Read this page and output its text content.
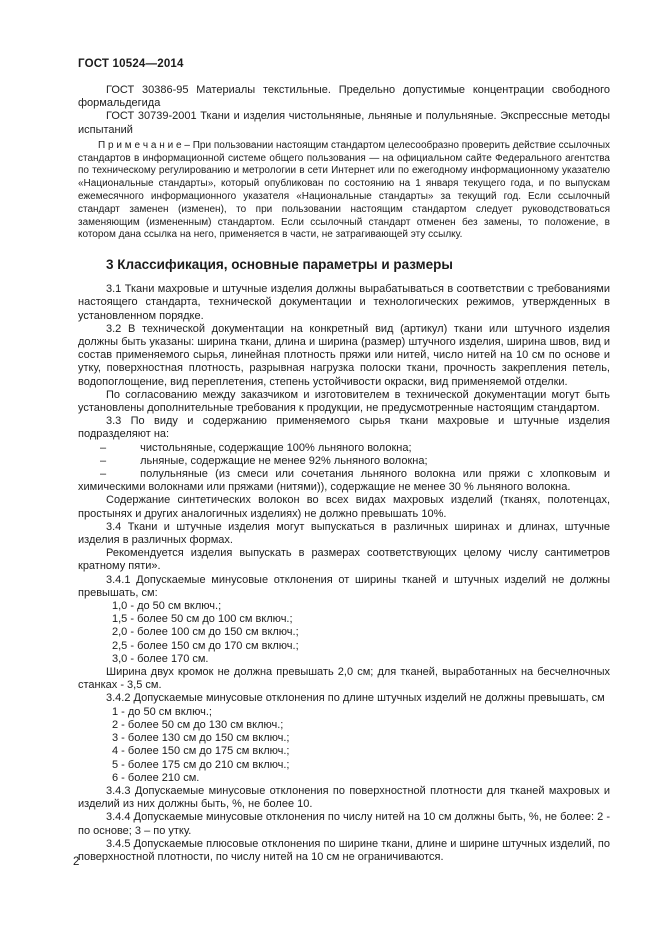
ГОСТ 10524—2014

ГОСТ 30386-95 Материалы текстильные. Предельно допустимые концентрации свободного формальдегида

ГОСТ 30739-2001 Ткани и изделия чистольняные, льняные и полульняные. Экспрессные методы испытаний

П р и м е ч а н и е – При пользовании настоящим стандартом целесообразно проверить действие ссылочных стандартов в информационной системе общего пользования — на официальном сайте Федерального агентства по техническому регулированию и метрологии в сети Интернет или по ежегодному информационному указателю «Национальные стандарты», который опубликован по состоянию на 1 января текущего года, и по выпускам ежемесячного информационного указателя «Национальные стандарты» за текущий год. Если ссылочный стандарт заменен (изменен), то при пользовании настоящим стандартом следует руководствоваться заменяющим (измененным) стандартом. Если ссылочный стандарт отменен без замены, то положение, в котором дана ссылка на него, применяется в части, не затрагивающей эту ссылку.

3 Классификация, основные параметры и размеры

3.1 Ткани махровые и штучные изделия должны вырабатываться в соответствии с требованиями настоящего стандарта, технической документации и технологических режимов, утвержденных в установленном порядке.

3.2 В технической документации на конкретный вид (артикул) ткани или штучного изделия должны быть указаны: ширина ткани, длина и ширина (размер) штучного изделия, ширина швов, вид и состав применяемого сырья, линейная плотность пряжи или нитей, число нитей на 10 см по основе и утку, поверхностная плотность, разрывная нагрузка полоски ткани, прочность закрепления петель, водопоглощение, вид переплетения, степень устойчивости окраски, вид применяемой отделки.

По согласованию между заказчиком и изготовителем в технической документации могут быть установлены дополнительные требования к продукции, не предусмотренные настоящим стандартом.

3.3 По виду и содержанию применяемого сырья ткани махровые и штучные изделия подразделяют на:

–	чистольняные, содержащие 100% льняного волокна;

–	льняные, содержащие не менее 92% льняного волокна;

–	полульняные (из смеси или сочетания льняного волокна или пряжи с хлопковым и химическими волокнами или пряжами (нитями)), содержащие не менее 30 % льняного волокна.

Содержание синтетических волокон во всех видах махровых изделий (тканях, полотенцах, простынях и других аналогичных изделиях) не должно превышать 10%.

3.4 Ткани и штучные изделия могут выпускаться в различных ширинах и длинах, штучные изделия в различных формах.

Рекомендуется изделия выпускать в размерах соответствующих целому числу сантиметров кратному пяти».

3.4.1 Допускаемые минусовые отклонения от ширины тканей и штучных изделий не должны превышать, см:

1,0 - до 50 см включ.;
1,5 - более 50 см до 100 см включ.;
2,0 - более 100 см до 150 см включ.;
2,5 - более 150 см до 170 см включ.;
3,0 - более 170 см.

Ширина двух кромок не должна превышать 2,0 см; для тканей, выработанных на бесчелночных станках - 3,5 см.

3.4.2 Допускаемые минусовые отклонения по длине штучных изделий не должны превышать, см

1 - до 50 см включ.;
2 - более 50 см до 130 см включ.;
3 - более 130 см до 150 см включ.;
4 - более 150 см до 175 см включ.;
5 - более 175 см до 210 см включ.;
6 - более 210 см.

3.4.3 Допускаемые минусовые отклонения по поверхностной плотности для тканей махровых и изделий из них должны быть, %, не более 10.

3.4.4 Допускаемые минусовые отклонения по числу нитей на 10 см должны быть, %, не более: 2 - по основе; 3 – по утку.

3.4.5 Допускаемые плюсовые отклонения по ширине ткани, длине и ширине штучных изделий, по поверхностной плотности, по числу нитей на 10 см не ограничиваются.

2
